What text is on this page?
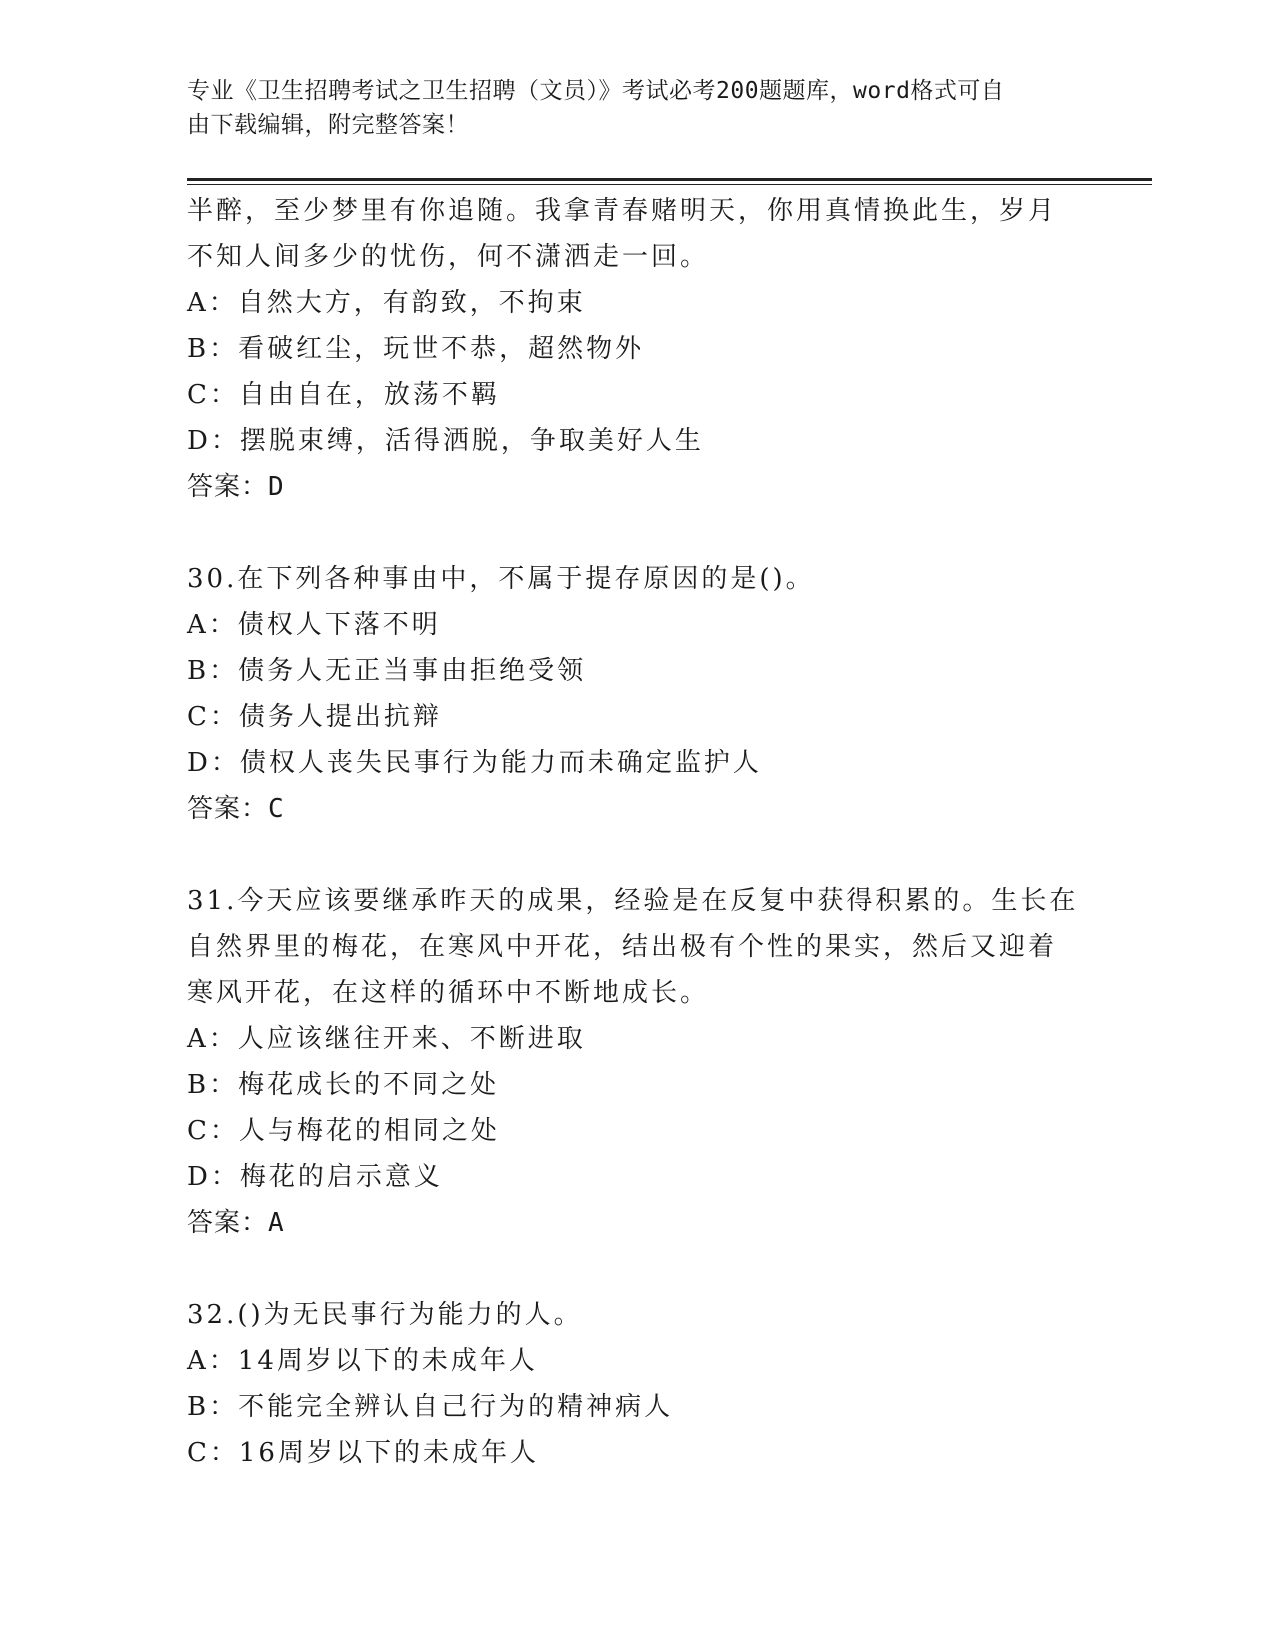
专业《卫生招聘考试之卫生招聘（文员）》考试必考200题题库，word格式可自
由下载编辑，附完整答案！
半醉，至少梦里有你追随。我拿青春赌明天，你用真情换此生，岁月
不知人间多少的忧伤，何不潇洒走一回。
A：自然大方，有韵致，不拘束
B：看破红尘，玩世不恭，超然物外
C：自由自在，放荡不羁
D：摆脱束缚，活得洒脱，争取美好人生
答案：D
30.在下列各种事由中，不属于提存原因的是()。
A：债权人下落不明
B：债务人无正当事由拒绝受领
C：债务人提出抗辩
D：债权人丧失民事行为能力而未确定监护人
答案：C
31.今天应该要继承昨天的成果，经验是在反复中获得积累的。生长在
自然界里的梅花，在寒风中开花，结出极有个性的果实，然后又迎着
寒风开花，在这样的循环中不断地成长。
A：人应该继往开来、不断进取
B：梅花成长的不同之处
C：人与梅花的相同之处
D：梅花的启示意义
答案：A
32.()为无民事行为能力的人。
A：14周岁以下的未成年人
B：不能完全辨认自己行为的精神病人
C：16周岁以下的未成年人
